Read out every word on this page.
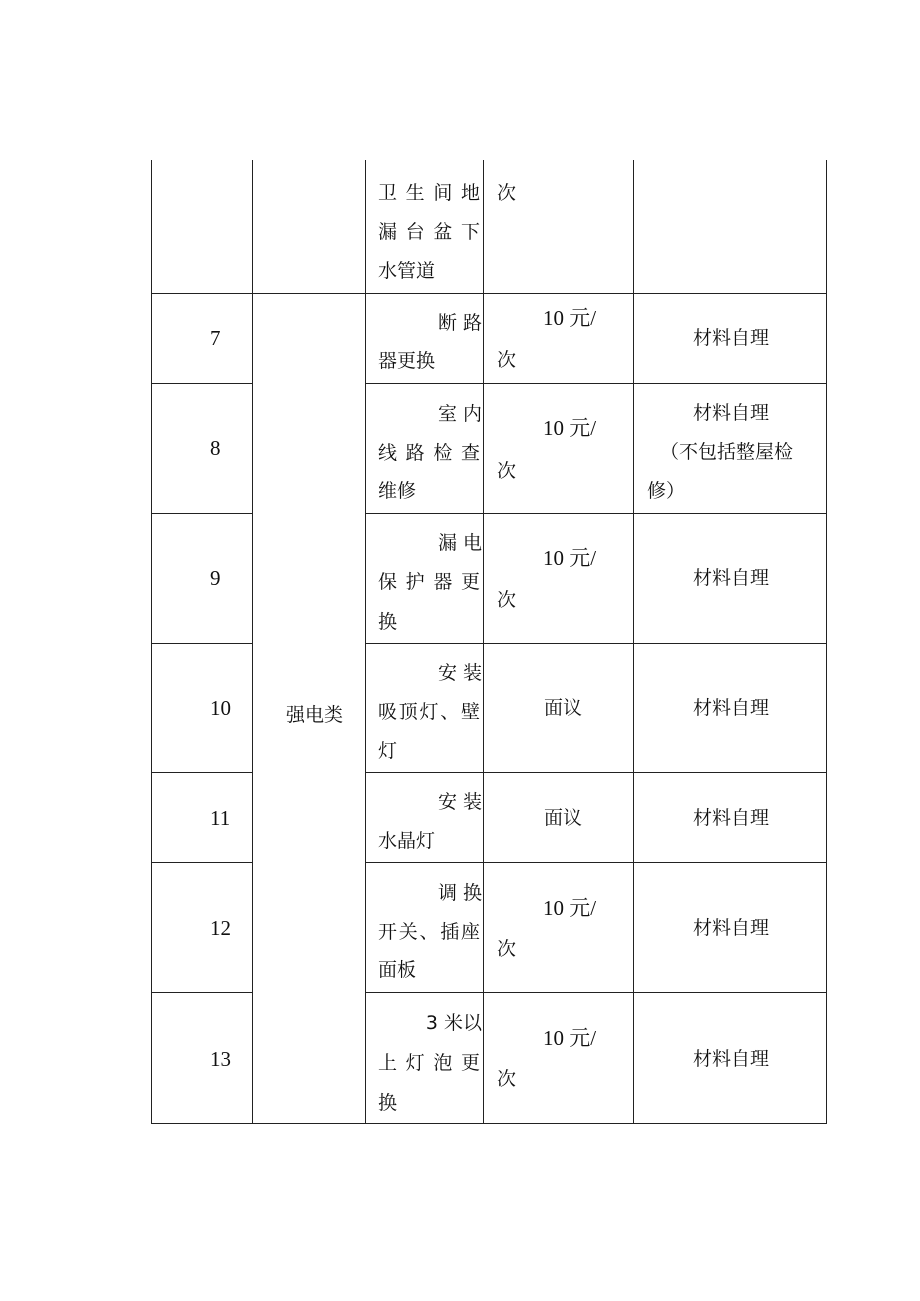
卫 生 间 地
漏 台 盆 下
水管道
次
强电类
7
断 路
器更换
10 元/
次
材料自理
8
室 内
线 路 检 查
维修
10 元/
次
材料自理
（不包括整屋检
修）
9
漏 电
保 护 器 更
换
10 元/
次
材料自理
10
安 装
吸顶灯、壁
灯
面议	材料自理
11
安 装
水晶灯
面议	材料自理
12
调 换
开关、插座
面板
10 元/
次
材料自理
13
3 米以
上 灯 泡 更
换
10 元/
次
材料自理
